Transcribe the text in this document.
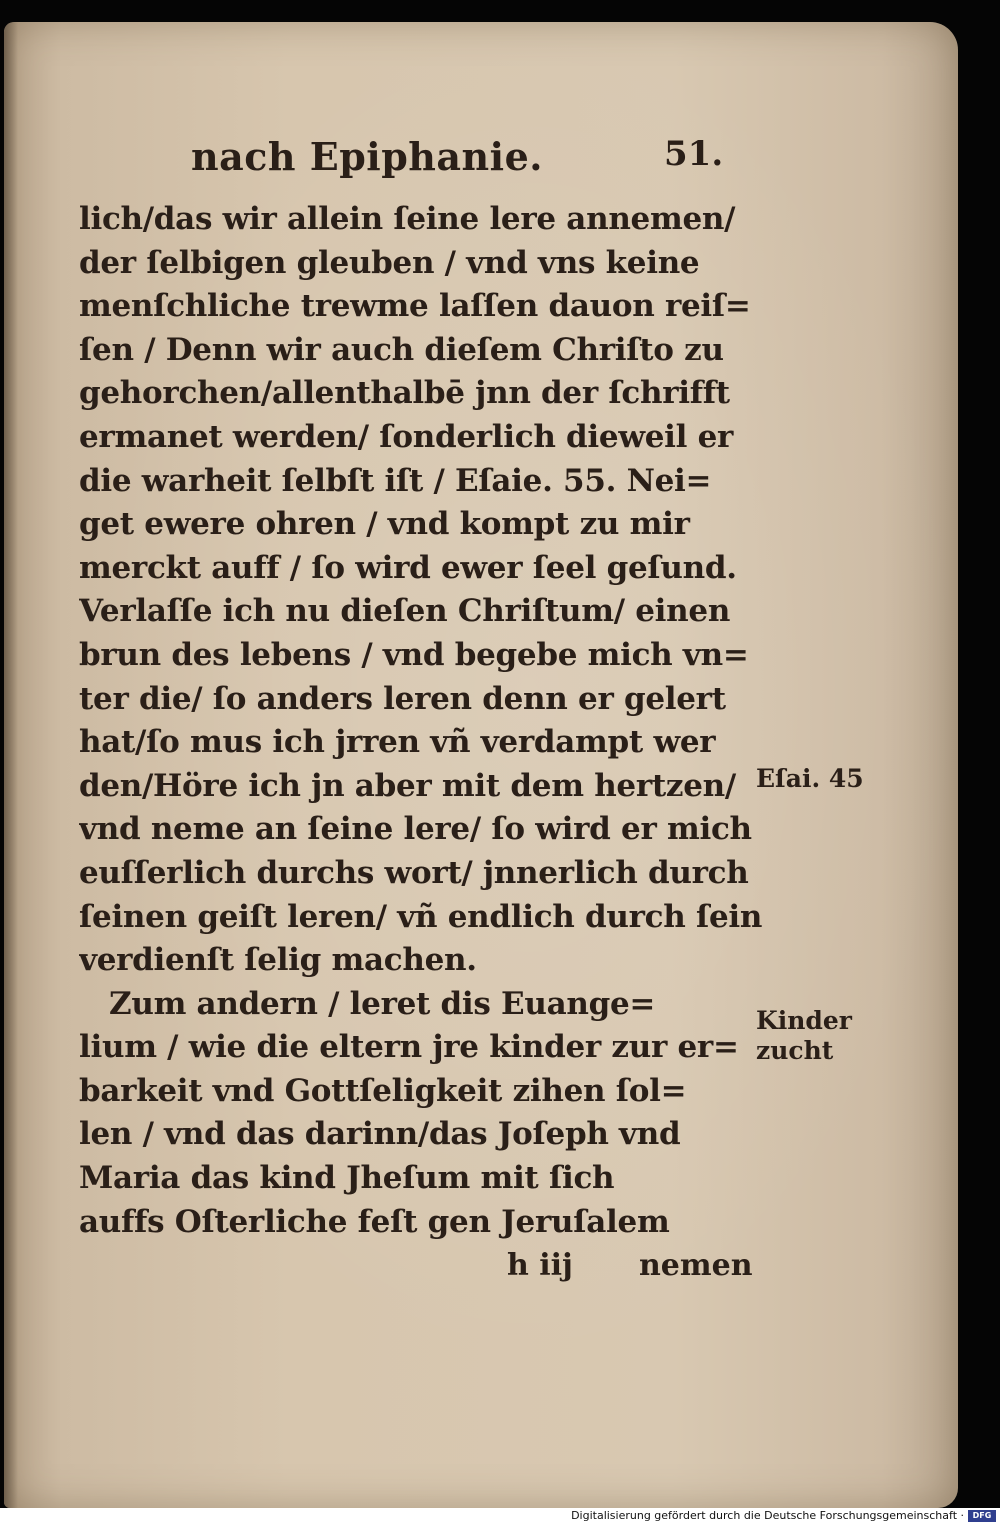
nach Epiphanie.	51.
lich/das wir allein ſeine lere annemen/
der ſelbigen gleuben / vnd vns keine
menſchliche trewme laſſen dauon reiſ=
ſen / Denn wir auch dieſem Chriſto zu
gehorchen/allenthalbē jnn der ſchrifft
ermanet werden/ ſonderlich dieweil er
die warheit ſelbſt iſt / Eſaie. 55. Nei=
get ewere ohren / vnd kompt zu mir
merckt auff / ſo wird ewer ſeel geſund.
Verlaſſe ich nu dieſen Chriſtum/ einen
brun des lebens / vnd begebe mich vn=
ter die/ ſo anders leren denn er gelert
hat/ſo mus ich jrren vñ verdampt wer
den/Höre ich jn aber mit dem hertzen/
vnd neme an ſeine lere/ ſo wird er mich
euſſerlich durchs wort/ jnnerlich durch
ſeinen geiſt leren/ vñ endlich durch ſein
verdienſt ſelig machen.
Zum andern / leret dis Euange=
lium / wie die eltern jre kinder zur er=
barkeit vnd Gottſeligkeit zihen ſol=
len / vnd das darinn/das Joſeph vnd
Maria das kind Jheſum mit ſich
auffs Oſterliche feſt gen Jeruſalem
h iij nemen
Eſai. 45
Kinder
zucht
Digitalisierung gefördert durch die Deutsche Forschungsgemeinschaft ·	DFG
